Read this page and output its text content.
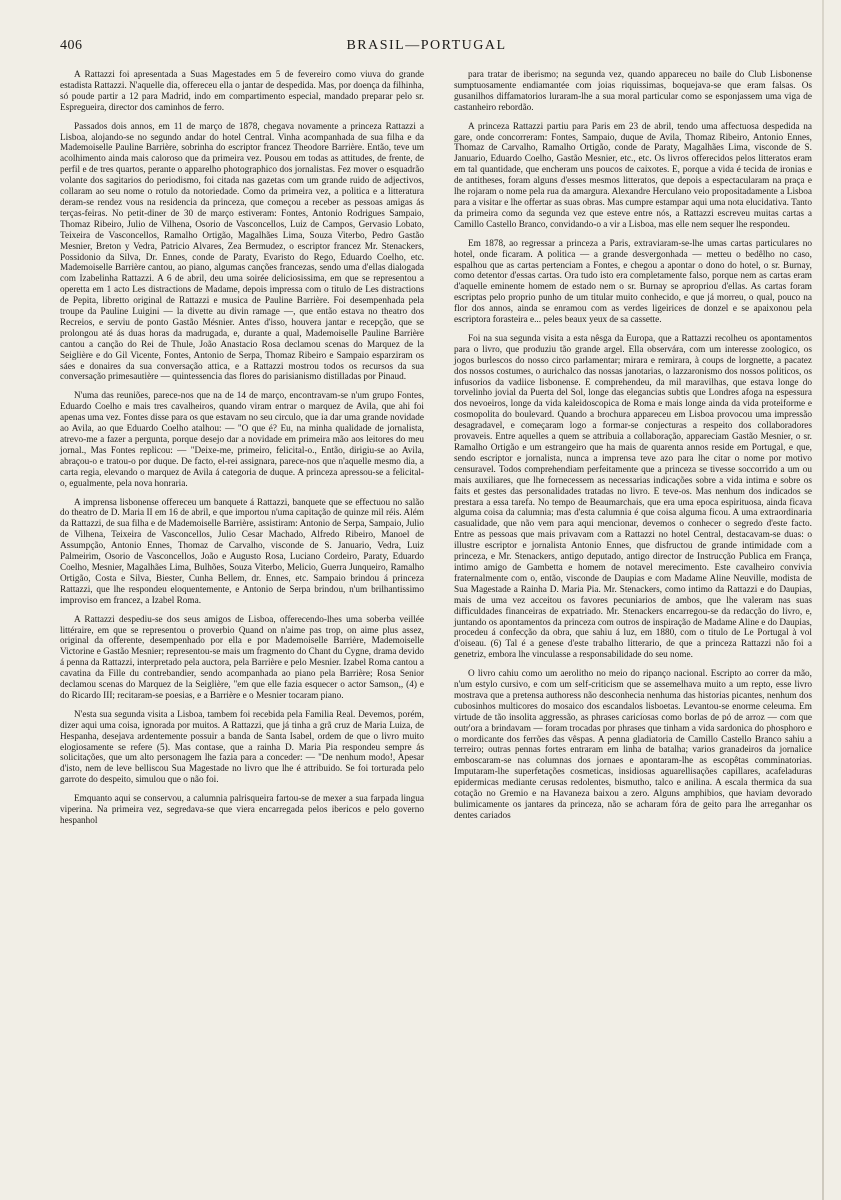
406	BRASIL—PORTUGAL

A Rattazzi foi apresentada a Suas Magestades em 5 de fevereiro como viuva do grande estadista Rattazzi. N'aquelle dia, offereceu ella o jantar de despedida. Mas, por doença da filhinha, só poude partir a 12 para Madrid, indo em compartimento especial, mandado preparar pelo sr. Espregueira, director dos caminhos de ferro.

Passados dois annos, em 11 de março de 1878, chegava novamente a princeza Rattazzi a Lisboa, alojando-se no segundo andar do hotel Central. Vinha acompanhada de sua filha e da Mademoiselle Pauline Barrière, sobrinha do escriptor francez Theodore Barrière. Então, teve um acolhimento ainda mais caloroso que da primeira vez. Pousou em todas as attitudes, de frente, de perfil e de tres quartos, perante o apparelho photographico dos jornalistas. Fez mover o esquadrão volante dos sagitarios do periodismo, foi citada nas gazetas com um grande ruido de adjectivos, collaram ao seu nome o rotulo da notoriedade. Como da primeira vez, a politica e a litteratura deram-se rendez vous na residencia da princeza, que começou a receber as pessoas amigas ás terças-feiras. No petit-diner de 30 de março estiveram: Fontes, Antonio Rodrigues Sampaio, Thomaz Ribeiro, Julio de Vilhena, Osorio de Vasconcellos, Luiz de Campos, Gervasio Lobato, Teixeira de Vasconcellos, Ramalho Ortigão, Magalhães Lima, Souza Viterbo, Pedro Gastão Mesnier, Breton y Vedra, Patricio Alvares, Zea Bermudez, o escriptor francez Mr. Stenackers, Possidonio da Silva, Dr. Ennes, conde de Paraty, Evaristo do Rego, Eduardo Coelho, etc. Mademoiselle Barrière cantou, ao piano, algumas canções francezas, sendo uma d'ellas dialogada com Izabelinha Rattazzi. A 6 de abril, deu uma soirée deliciosissima, em que se representou a operetta em 1 acto Les distractions de Madame, depois impressa com o titulo de Les distractions de Pepita, libretto original de Rattazzi e musica de Pauline Barrière. Foi desempenhada pela troupe da Pauline Luigini — la divette au divin ramage —, que então estava no theatro dos Recreios, e serviu de ponto Gastão Mésnier. Antes d'isso, houvera jantar e recepção, que se prolongou até ás duas horas da madrugada, e, durante a qual, Mademoiselle Pauline Barrière cantou a canção do Rei de Thule, João Anastacio Rosa declamou scenas do Marquez de la Seiglière e do Gil Vicente, Fontes, Antonio de Serpa, Thomaz Ribeiro e Sampaio esparziram os sáes e donaires da sua conversação attica, e a Rattazzi mostrou todos os recursos da sua conversação primesautière — quintessencia das flores do parisianismo distilladas por Pinaud.

N'uma das reuniões, parece-nos que na de 14 de março, encontravam-se n'um grupo Fontes, Eduardo Coelho e mais tres cavalheiros, quando viram entrar o marquez de Avila, que ahi foi apenas uma vez. Fontes disse para os que estavam no seu circulo, que ia dar uma grande novidade ao Avila, ao que Eduardo Coelho atalhou: — "O que é? Eu, na minha qualidade de jornalista, atrevo-me a fazer a pergunta, porque desejo dar a novidade em primeira mão aos leitores do meu jornal., Mas Fontes replicou: — "Deixe-me, primeiro, felicital-o., Então, dirigiu-se ao Avila, abraçou-o e tratou-o por duque. De facto, el-rei assignara, parece-nos que n'aquelle mesmo dia, a carta regia, elevando o marquez de Avila á categoria de duque. A princeza apressou-se a felicital-o, egualmente, pela nova honraria.

A imprensa lisbonense offereceu um banquete á Rattazzi, banquete que se effectuou no salão do theatro de D. Maria II em 16 de abril, e que importou n'uma capitação de quinze mil réis. Além da Rattazzi, de sua filha e de Mademoiselle Barrière, assistiram: Antonio de Serpa, Sampaio, Julio de Vilhena, Teixeira de Vasconcellos, Julio Cesar Machado, Alfredo Ribeiro, Manoel de Assumpção, Antonio Ennes, Thomaz de Carvalho, visconde de S. Januario, Vedra, Luiz Palmeirim, Osorio de Vasconcellos, João e Augusto Rosa, Luciano Cordeiro, Paraty, Eduardo Coelho, Mesnier, Magalhães Lima, Bulhões, Souza Viterbo, Melicio, Guerra Junqueiro, Ramalho Ortigão, Costa e Silva, Biester, Cunha Bellem, dr. Ennes, etc. Sampaio brindou á princeza Rattazzi, que lhe respondeu eloquentemente, e Antonio de Serpa brindou, n'um brilhantissimo improviso em francez, a Izabel Roma.

A Rattazzi despediu-se dos seus amigos de Lisboa, offerecendo-lhes uma soberba veillée littéraire, em que se representou o proverbio Quand on n'aime pas trop, on aime plus assez, original da offerente, desempenhado por ella e por Mademoiselle Barrière, Mademoiselle Victorine e Gastão Mesnier; representou-se mais um fragmento do Chant du Cygne, drama devido á penna da Rattazzi, interpretado pela auctora, pela Barrière e pelo Mesnier. Izabel Roma cantou a cavatina da Fille du contrebandier, sendo acompanhada ao piano pela Barrière; Rosa Senior declamou scenas do Marquez de la Seiglière, "em que elle fazia esquecer o actor Samson,, (4) e do Ricardo III; recitaram-se poesias, e a Barrière e o Mesnier tocaram piano.

N'esta sua segunda visita a Lisboa, tambem foi recebida pela Familia Real. Devemos, porém, dizer aqui uma coisa, ignorada por muitos. A Rattazzi, que já tinha a grã cruz de Maria Luiza, de Hespanha, desejava ardentemente possuir a banda de Santa Isabel, ordem de que o livro muito elogiosamente se refere (5). Mas contase, que a rainha D. Maria Pia respondeu sempre ás solicitações, que um alto personagem lhe fazia para a conceder: — "De nenhum modo!, Apesar d'isto, nem de leve belliscou Sua Magestade no livro que lhe é attribuido. Se foi torturada pelo garrote do despeito, simulou que o não foi.

Emquanto aqui se conservou, a calumnia palrisqueira fartou-se de mexer a sua farpada lingua viperina. Na primeira vez, segredava-se que viera encarregada pelos ibericos e pelo governo hespanhol

para tratar de iberismo; na segunda vez, quando appareceu no baile do Club Lisbonense sumptuosamente endiamantée com joias riquissimas, boquejava-se que eram falsas. Os gusanilhos diffamatorios luraram-lhe a sua moral particular como se esponjassem uma viga de castanheiro rebordão.

A princeza Rattazzi partiu para Paris em 23 de abril, tendo uma affectuosa despedida na gare, onde concorreram: Fontes, Sampaio, duque de Avila, Thomaz Ribeiro, Antonio Ennes, Thomaz de Carvalho, Ramalho Ortigão, conde de Paraty, Magalhães Lima, visconde de S. Januario, Eduardo Coelho, Gastão Mesnier, etc., etc. Os livros offerecidos pelos litteratos eram em tal quantidade, que encheram uns poucos de caixotes. E, porque a vida é tecida de ironias e de antitheses, foram alguns d'esses mesmos litteratos, que depois a espectacularam na praça e lhe rojaram o nome pela rua da amargura. Alexandre Herculano veio propositadamente a Lisboa para a visitar e lhe offertar as suas obras. Mas cumpre estampar aqui uma nota elucidativa. Tanto da primeira como da segunda vez que esteve entre nós, a Rattazzi escreveu muitas cartas a Camillo Castello Branco, convidando-o a vir a Lisboa, mas elle nem sequer lhe respondeu.

Em 1878, ao regressar a princeza a Paris, extraviaram-se-lhe umas cartas particulares no hotel, onde ficaram. A politica — a grande desvergonhada — metteu o bedêlho no caso, espalhou que as cartas pertenciam a Fontes, e chegou a apontar o dono do hotel, o sr. Burnay, como detentor d'essas cartas. Ora tudo isto era completamente falso, porque nem as cartas eram d'aquelle eminente homem de estado nem o sr. Burnay se apropriou d'ellas. As cartas foram escriptas pelo proprio punho de um titular muito conhecido, e que já morreu, o qual, pouco na flor dos annos, ainda se enramou com as verdes ligeirices de donzel e se apaixonou pela escriptora forasteira e... peles beaux yeux de sa cassette.

Foi na sua segunda visita a esta nêsga da Europa, que a Rattazzi recolheu os apontamentos para o livro, que produziu tão grande argel. Ella observára, com um interesse zoologico, os jogos burlescos do nosso circo parlamentar; mirara e remirara, à coups de lorgnette, a pacatez dos nossos costumes, o aurichalco das nossas janotarias, o lazzaronismo dos nossos politicos, os infusorios da vadiice lisbonense. E comprehendeu, da mil maravilhas, que estava longe do torvelinho jovial da Puerta del Sol, longe das elegancias subtis que Londres afoga na espessura dos nevoeiros, longe da vida kaleidoscopica de Roma e mais longe ainda da vida proteiforme e cosmopolita do boulevard. Quando a brochura appareceu em Lisboa provocou uma impressão desagradavel, e começaram logo a formar-se conjecturas a respeito dos collaboradores provaveis. Entre aquelles a quem se attribuia a collaboração, appareciam Gastão Mesnier, o sr. Ramalho Ortigão e um estrangeiro que ha mais de quarenta annos reside em Portugal, e que, sendo escriptor e jornalista, nunca a imprensa teve azo para lhe citar o nome por motivo censuravel. Todos comprehendiam perfeitamente que a princeza se tivesse soccorrido a um ou mais auxiliares, que lhe fornecessem as necessarias indicações sobre a vida intima e sobre os faits et gestes das personalidades tratadas no livro. E teve-os. Mas nenhum dos indicados se prestara a essa tarefa. No tempo de Beaumarchais, que era uma epoca espirituosa, ainda ficava alguma coisa da calumnia; mas d'esta calumnia é que coisa alguma ficou. A uma extraordinaria casualidade, que não vem para aqui mencionar, devemos o conhecer o segredo d'este facto. Entre as pessoas que mais privavam com a Rattazzi no hotel Central, destacavam-se duas: o illustre escriptor e jornalista Antonio Ennes, que disfructou de grande intimidade com a princeza, e Mr. Stenackers, antigo deputado, antigo director de Instrucção Publica em França, intimo amigo de Gambetta e homem de notavel merecimento. Este cavalheiro convivia fraternalmente com o, então, visconde de Daupias e com Madame Aline Neuville, modista de Sua Magestade a Rainha D. Maria Pia. Mr. Stenackers, como intimo da Rattazzi e do Daupias, mais de uma vez acceitou os favores pecuniarios de ambos, que lhe valeram nas suas difficuldades financeiras de expatriado. Mr. Stenackers encarregou-se da redacção do livro, e, juntando os apontamentos da princeza com outros de inspiração de Madame Aline e do Daupias, procedeu á confecção da obra, que sahiu á luz, em 1880, com o titulo de Le Portugal à vol d'oiseau. (6) Tal é a genese d'este trabalho litterario, de que a princeza Rattazzi não foi a genetriz, embora lhe vinculasse a responsabilidade do seu nome.

O livro cahiu como um aerolitho no meio do ripanço nacional. Escripto ao correr da mão, n'um estylo cursivo, e com um self-criticism que se assemelhava muito a um repto, esse livro mostrava que a pretensa authoress não desconhecia nenhuma das historias picantes, nenhum dos cubosinhos multicores do mosaico dos escandalos lisboetas. Levantou-se enorme celeuma. Em virtude de tão insolita aggressão, as phrases caricíosas como borlas de pó de arroz — com que outr'ora a brindavam — foram trocadas por phrases que tinham a vida sardonica do phosphoro e o mordicante dos ferrões das vêspas. A penna gladiatoria de Camillo Castello Branco sahiu a terreiro; outras pennas fortes entraram em linha de batalha; varios granadeiros da jornalice emboscaram-se nas columnas dos jornaes e apontaram-lhe as escopêtas comminatorias. Imputaram-lhe superfetações cosmeticas, insidiosas aguarellisações capillares, acafeladuras epidermicas mediante cerusas redolentes, bismutho, talco e anilina. A escala thermica da sua cotação no Gremio e na Havaneza baixou a zero. Alguns amphibios, que haviam devorado bulimicamente os jantares da princeza, não se acharam fóra de geito para lhe arreganhar os dentes cariados
